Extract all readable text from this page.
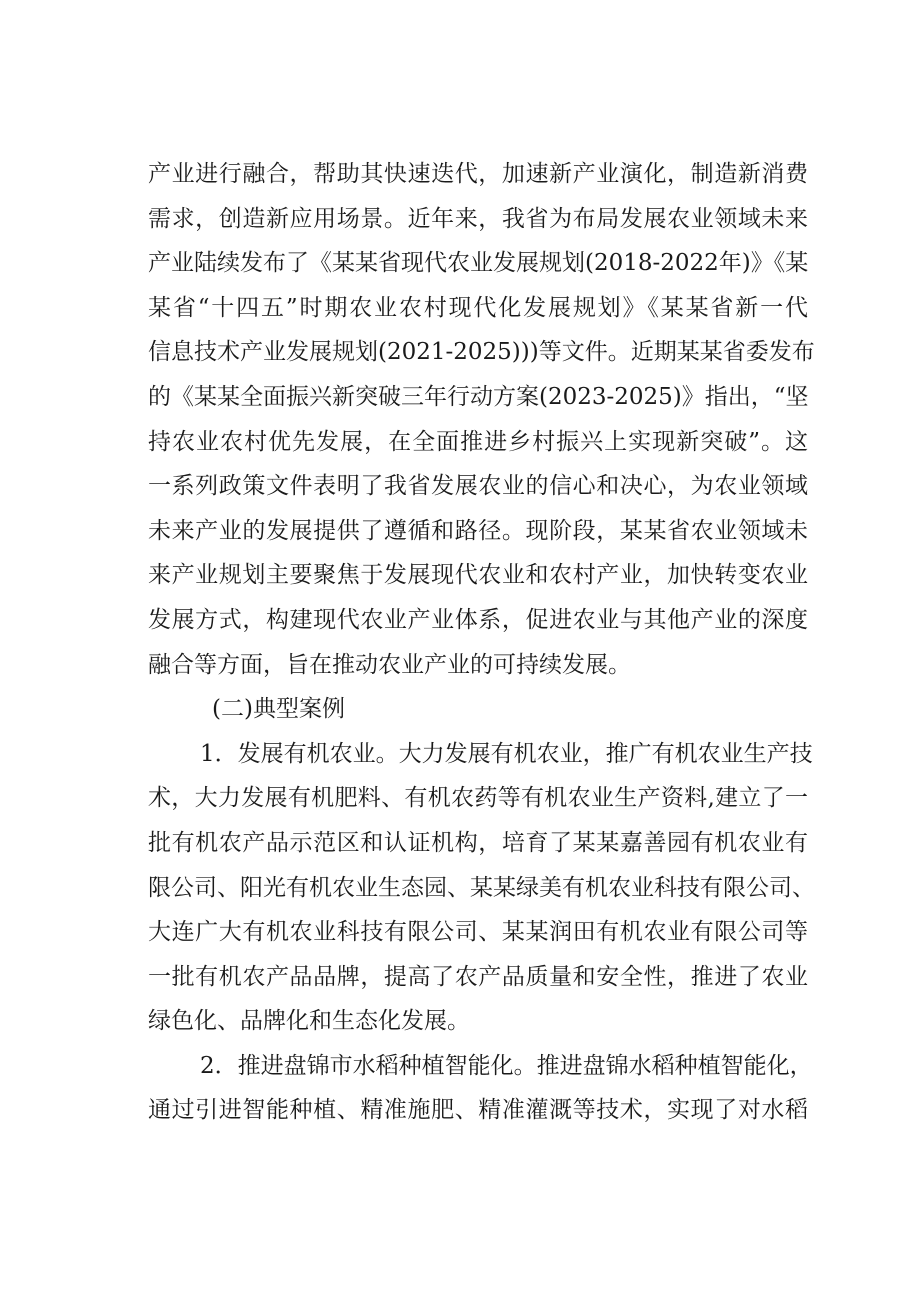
产业进行融合，帮助其快速迭代，加速新产业演化，制造新消费
需求，创造新应用场景。近年来，我省为布局发展农业领域未来
产业陆续发布了《某某省现代农业发展规划(2018-2022年)》《某
某省“十四五”时期农业农村现代化发展规划》《某某省新一代
信息技术产业发展规划(2021-2025)))等文件。近期某某省委发布
的《某某全面振兴新突破三年行动方案(2023-2025)》指出，“坚
持农业农村优先发展，在全面推进乡村振兴上实现新突破”。这
一系列政策文件表明了我省发展农业的信心和决心，为农业领域
未来产业的发展提供了遵循和路径。现阶段，某某省农业领域未
来产业规划主要聚焦于发展现代农业和农村产业，加快转变农业
发展方式，构建现代农业产业体系，促进农业与其他产业的深度
融合等方面，旨在推动农业产业的可持续发展。
(二)典型案例
1．发展有机农业。大力发展有机农业，推广有机农业生产技
术，大力发展有机肥料、有机农药等有机农业生产资料,建立了一
批有机农产品示范区和认证机构，培育了某某嘉善园有机农业有
限公司、阳光有机农业生态园、某某绿美有机农业科技有限公司、
大连广大有机农业科技有限公司、某某润田有机农业有限公司等
一批有机农产品品牌，提高了农产品质量和安全性，推进了农业
绿色化、品牌化和生态化发展。
2．推进盘锦市水稻种植智能化。推进盘锦水稻种植智能化，
通过引进智能种植、精准施肥、精准灌溉等技术，实现了对水稻
